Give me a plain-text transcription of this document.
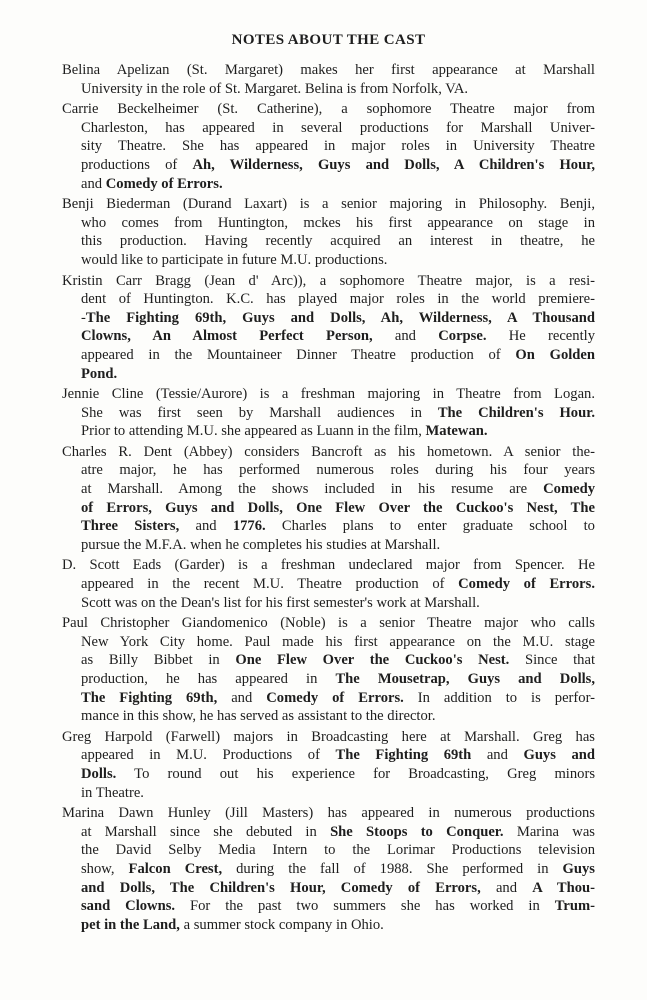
NOTES ABOUT THE CAST
Belina Apelizan (St. Margaret) makes her first appearance at Marshall
University in the role of St. Margaret. Belina is from Norfolk, VA.
Carrie Beckelheimer (St. Catherine), a sophomore Theatre major from
Charleston, has appeared in several productions for Marshall Univer-
sity Theatre. She has appeared in major roles in University Theatre
productions of Ah, Wilderness, Guys and Dolls, A Children's Hour,
and Comedy of Errors.
Benji Biederman (Durand Laxart) is a senior majoring in Philosophy. Benji,
who comes from Huntington, mckes his first appearance on stage in
this production. Having recently acquired an interest in theatre, he
would like to participate in future M.U. productions.
Kristin Carr Bragg (Jean d' Arc)), a sophomore Theatre major, is a resi-
dent of Huntington. K.C. has played major roles in the world premiere-
-The Fighting 69th, Guys and Dolls, Ah, Wilderness, A Thousand
Clowns, An Almost Perfect Person, and Corpse. He recently
appeared in the Mountaineer Dinner Theatre production of On Golden
Pond.
Jennie Cline (Tessie/Aurore) is a freshman majoring in Theatre from Logan.
She was first seen by Marshall audiences in The Children's Hour.
Prior to attending M.U. she appeared as Luann in the film, Matewan.
Charles R. Dent (Abbey) considers Bancroft as his hometown. A senior the-
atre major, he has performed numerous roles during his four years
at Marshall. Among the shows included in his resume are Comedy
of Errors, Guys and Dolls, One Flew Over the Cuckoo's Nest, The
Three Sisters, and 1776. Charles plans to enter graduate school to
pursue the M.F.A. when he completes his studies at Marshall.
D. Scott Eads (Garder) is a freshman undeclared major from Spencer. He
appeared in the recent M.U. Theatre production of Comedy of Errors.
Scott was on the Dean's list for his first semester's work at Marshall.
Paul Christopher Giandomenico (Noble) is a senior Theatre major who calls
New York City home. Paul made his first appearance on the M.U. stage
as Billy Bibbet in One Flew Over the Cuckoo's Nest. Since that
production, he has appeared in The Mousetrap, Guys and Dolls,
The Fighting 69th, and Comedy of Errors. In addition to is perfor-
mance in this show, he has served as assistant to the director.
Greg Harpold (Farwell) majors in Broadcasting here at Marshall. Greg has
appeared in M.U. Productions of The Fighting 69th and Guys and
Dolls. To round out his experience for Broadcasting, Greg minors
in Theatre.
Marina Dawn Hunley (Jill Masters) has appeared in numerous productions
at Marshall since she debuted in She Stoops to Conquer. Marina was
the David Selby Media Intern to the Lorimar Productions television
show, Falcon Crest, during the fall of 1988. She performed in Guys
and Dolls, The Children's Hour, Comedy of Errors, and A Thou-
sand Clowns. For the past two summers she has worked in Trum-
pet in the Land, a summer stock company in Ohio.
